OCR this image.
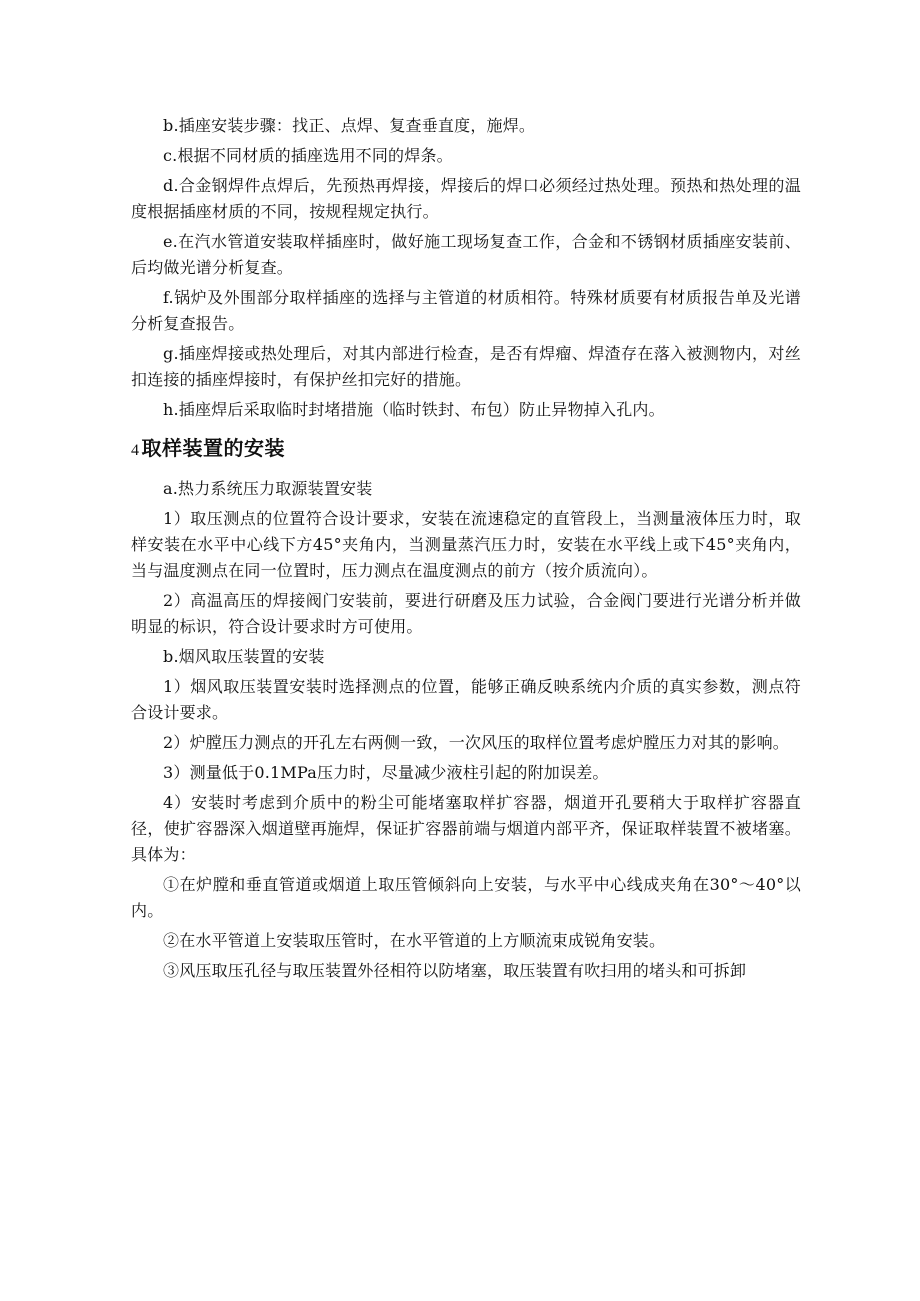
b.插座安装步骤：找正、点焊、复查垂直度，施焊。

c.根据不同材质的插座选用不同的焊条。

d.合金钢焊件点焊后，先预热再焊接，焊接后的焊口必须经过热处理。预热和热处理的温度根据插座材质的不同，按规程规定执行。

e.在汽水管道安装取样插座时，做好施工现场复查工作，合金和不锈钢材质插座安装前、后均做光谱分析复查。

f.锅炉及外围部分取样插座的选择与主管道的材质相符。特殊材质要有材质报告单及光谱分析复查报告。

g.插座焊接或热处理后，对其内部进行检查，是否有焊瘤、焊渣存在落入被测物内，对丝扣连接的插座焊接时，有保护丝扣完好的措施。

h.插座焊后采取临时封堵措施（临时铁封、布包）防止异物掉入孔内。

4 取样装置的安装

a.热力系统压力取源装置安装

1）取压测点的位置符合设计要求，安装在流速稳定的直管段上，当测量液体压力时，取样安装在水平中心线下方45°夹角内，当测量蒸汽压力时，安装在水平线上或下45°夹角内，当与温度测点在同一位置时，压力测点在温度测点的前方（按介质流向）。

2）高温高压的焊接阀门安装前，要进行研磨及压力试验，合金阀门要进行光谱分析并做明显的标识，符合设计要求时方可使用。

b.烟风取压装置的安装

1）烟风取压装置安装时选择测点的位置，能够正确反映系统内介质的真实参数，测点符合设计要求。

2）炉膛压力测点的开孔左右两侧一致，一次风压的取样位置考虑炉膛压力对其的影响。

3）测量低于0.1MPa压力时，尽量减少液柱引起的附加误差。

4）安装时考虑到介质中的粉尘可能堵塞取样扩容器，烟道开孔要稍大于取样扩容器直径，使扩容器深入烟道壁再施焊，保证扩容器前端与烟道内部平齐，保证取样装置不被堵塞。具体为：

①在炉膛和垂直管道或烟道上取压管倾斜向上安装，与水平中心线成夹角在30°～40°以内。

②在水平管道上安装取压管时，在水平管道的上方顺流束成锐角安装。

③风压取压孔径与取压装置外径相符以防堵塞，取压装置有吹扫用的堵头和可拆卸
